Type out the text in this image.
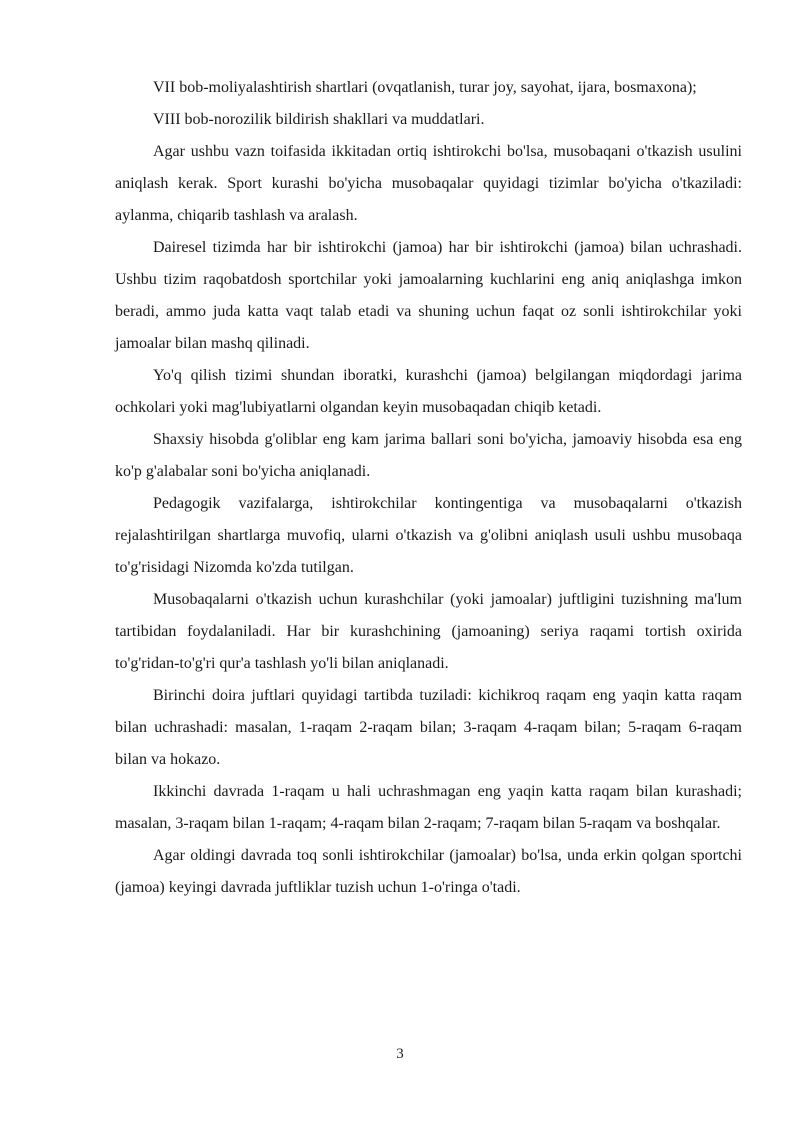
VII bob-moliyalashtirish shartlari (ovqatlanish, turar joy, sayohat, ijara, bosmaxona);

VIII bob-norozilik bildirish shakllari va muddatlari.

Agar ushbu vazn toifasida ikkitadan ortiq ishtirokchi bo'lsa, musobaqani o'tkazish usulini aniqlash kerak. Sport kurashi bo'yicha musobaqalar quyidagi tizimlar bo'yicha o'tkaziladi: aylanma, chiqarib tashlash va aralash.

Dairesel tizimda har bir ishtirokchi (jamoa) har bir ishtirokchi (jamoa) bilan uchrashadi. Ushbu tizim raqobatdosh sportchilar yoki jamoalarning kuchlarini eng aniq aniqlashga imkon beradi, ammo juda katta vaqt talab etadi va shuning uchun faqat oz sonli ishtirokchilar yoki jamoalar bilan mashq qilinadi.

Yo'q qilish tizimi shundan iboratki, kurashchi (jamoa) belgilangan miqdordagi jarima ochkolari yoki mag'lubiyatlarni olgandan keyin musobaqadan chiqib ketadi.

Shaxsiy hisobda g'oliblar eng kam jarima ballari soni bo'yicha, jamoaviy hisobda esa eng ko'p g'alabalar soni bo'yicha aniqlanadi.

Pedagogik vazifalarga, ishtirokchilar kontingentiga va musobaqalarni o'tkazish rejalashtirilgan shartlarga muvofiq, ularni o'tkazish va g'olibni aniqlash usuli ushbu musobaqa to'g'risidagi Nizomda ko'zda tutilgan.

Musobaqalarni o'tkazish uchun kurashchilar (yoki jamoalar) juftligini tuzishning ma'lum tartibidan foydalaniladi. Har bir kurashchining (jamoaning) seriya raqami tortish oxirida to'g'ridan-to'g'ri qur'a tashlash yo'li bilan aniqlanadi.

Birinchi doira juftlari quyidagi tartibda tuziladi: kichikroq raqam eng yaqin katta raqam bilan uchrashadi: masalan, 1-raqam 2-raqam bilan; 3-raqam 4-raqam bilan; 5-raqam 6-raqam bilan va hokazo.

Ikkinchi davrada 1-raqam u hali uchrashmagan eng yaqin katta raqam bilan kurashadi; masalan, 3-raqam bilan 1-raqam; 4-raqam bilan 2-raqam; 7-raqam bilan 5-raqam va boshqalar.

Agar oldingi davrada toq sonli ishtirokchilar (jamoalar) bo'lsa, unda erkin qolgan sportchi (jamoa) keyingi davrada juftliklar tuzish uchun 1-o'ringa o'tadi.

3
